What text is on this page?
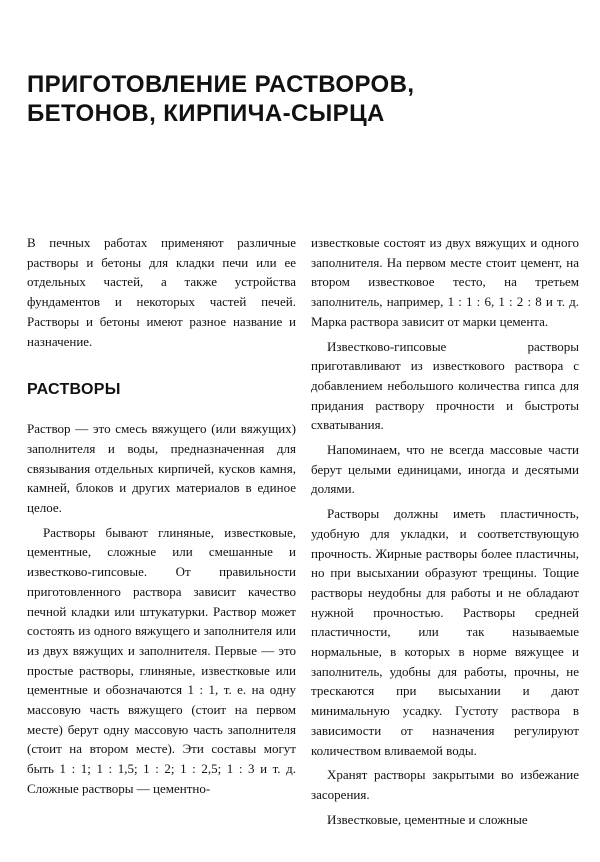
ПРИГОТОВЛЕНИЕ РАСТВОРОВ,
БЕТОНОВ, КИРПИЧА-СЫРЦА

В печных работах применяют различные растворы и бетоны для кладки печи или ее отдельных частей, а также устройства фундаментов и некоторых частей печей. Растворы и бетоны имеют разное название и назначение.

РАСТВОРЫ

Раствор — это смесь вяжущего (или вяжущих) заполнителя и воды, предназначенная для связывания отдельных кирпичей, кусков камня, камней, блоков и других материалов в единое целое.

Растворы бывают глиняные, известковые, цементные, сложные или смешанные и известково-гипсовые. От правильности приготовленного раствора зависит качество печной кладки или штукатурки. Раствор может состоять из одного вяжущего и заполнителя или из двух вяжущих и заполнителя. Первые — это простые растворы, глиняные, известковые или цементные и обозначаются 1 : 1, т. е. на одну массовую часть вяжущего (стоит на первом месте) берут одну массовую часть заполнителя (стоит на втором месте). Эти составы могут быть 1 : 1; 1 : 1,5; 1 : 2; 1 : 2,5; 1 : 3 и т. д. Сложные растворы — цементно-

известковые состоят из двух вяжущих и одного заполнителя. На первом месте стоит цемент, на втором известковое тесто, на третьем заполнитель, например, 1 : 1 : 6, 1 : 2 : 8 и т. д. Марка раствора зависит от марки цемента.

Известково-гипсовые растворы приготавливают из известкового раствора с добавлением небольшого количества гипса для придания раствору прочности и быстроты схватывания.

Напоминаем, что не всегда массовые части берут целыми единицами, иногда и десятыми долями.

Растворы должны иметь пластичность, удобную для укладки, и соответствующую прочность. Жирные растворы более пластичны, но при высыхании образуют трещины. Тощие растворы неудобны для работы и не обладают нужной прочностью. Растворы средней пластичности, или так называемые нормальные, в которых в норме вяжущее и заполнитель, удобны для работы, прочны, не трескаются при высыхании и дают минимальную усадку. Густоту раствора в зависимости от назначения регулируют количеством вливаемой воды.

Хранят растворы закрытыми во избежание засорения.

Известковые, цементные и сложные
